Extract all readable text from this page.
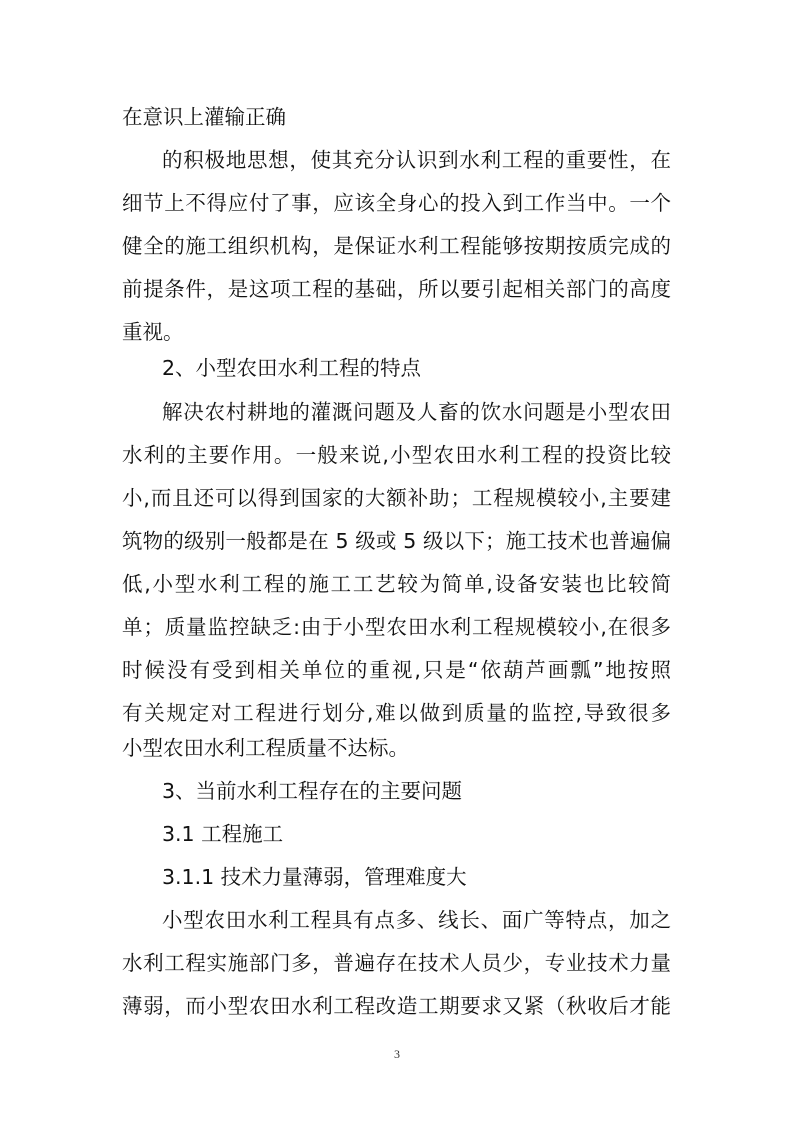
在意识上灌输正确
的积极地思想，使其充分认识到水利工程的重要性，在
细节上不得应付了事，应该全身心的投入到工作当中。一个
健全的施工组织机构，是保证水利工程能够按期按质完成的
前提条件，是这项工程的基础，所以要引起相关部门的高度
重视。
2、小型农田水利工程的特点
解决农村耕地的灌溉问题及人畜的饮水问题是小型农田
水利的主要作用。一般来说,小型农田水利工程的投资比较
小,而且还可以得到国家的大额补助；工程规模较小,主要建
筑物的级别一般都是在 5 级或 5 级以下；施工技术也普遍偏
低,小型水利工程的施工工艺较为简单,设备安装也比较简
单；质量监控缺乏:由于小型农田水利工程规模较小,在很多
时候没有受到相关单位的重视,只是“依葫芦画瓢”地按照
有关规定对工程进行划分,难以做到质量的监控,导致很多
小型农田水利工程质量不达标。
3、当前水利工程存在的主要问题
3.1 工程施工
3.1.1 技术力量薄弱，管理难度大
小型农田水利工程具有点多、线长、面广等特点，加之
水利工程实施部门多，普遍存在技术人员少，专业技术力量
薄弱，而小型农田水利工程改造工期要求又紧（秋收后才能
3
